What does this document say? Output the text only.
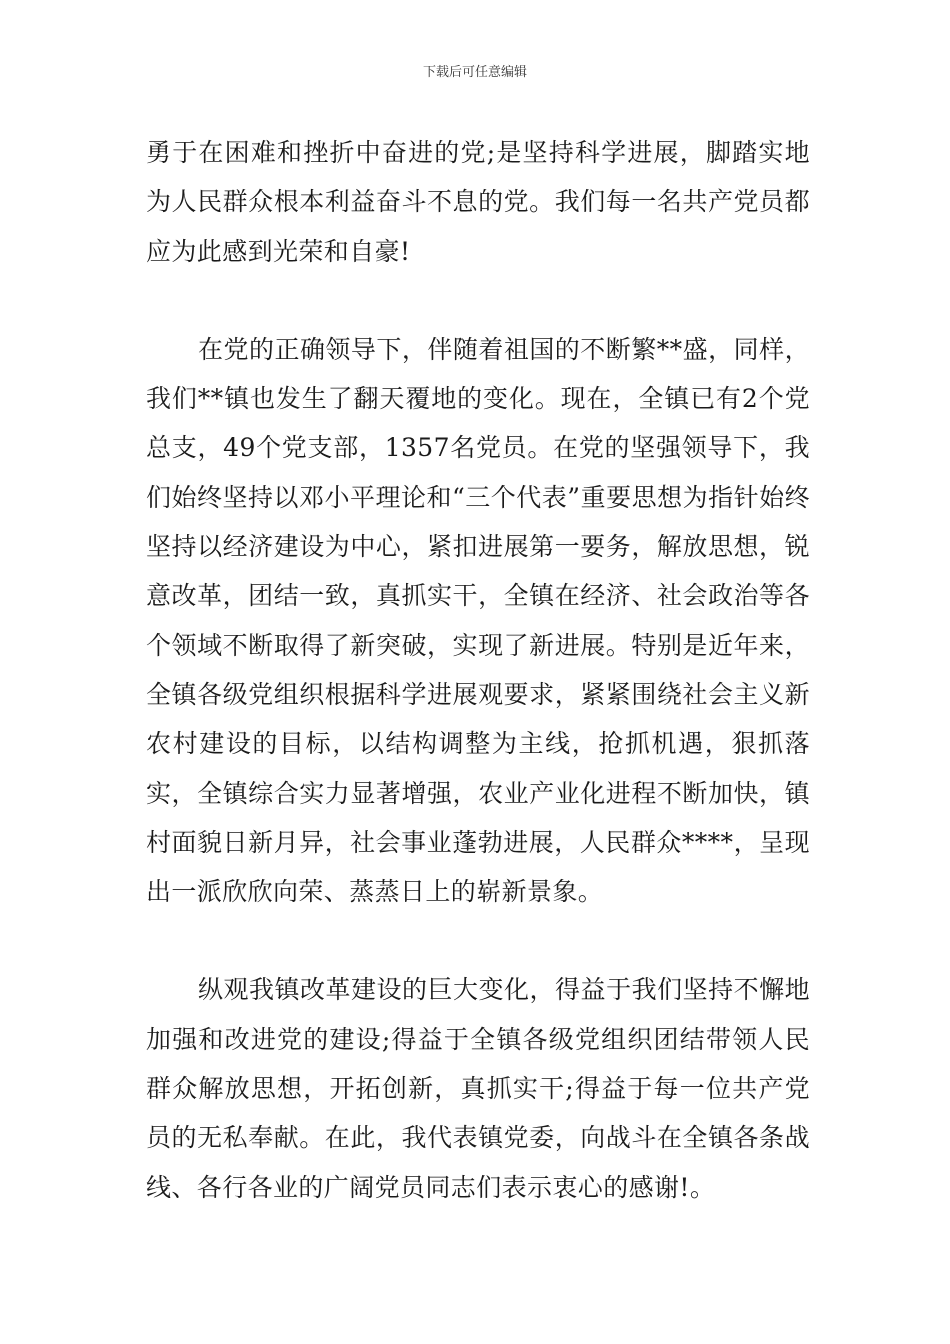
下载后可任意编辑

勇于在困难和挫折中奋进的党;是坚持科学进展，脚踏实地为人民群众根本利益奋斗不息的党。我们每一名共产党员都应为此感到光荣和自豪!

在党的正确领导下，伴随着祖国的不断繁**盛，同样，我们**镇也发生了翻天覆地的变化。现在，全镇已有2个党总支，49个党支部，1357名党员。在党的坚强领导下，我们始终坚持以邓小平理论和“三个代表”重要思想为指针始终坚持以经济建设为中心，紧扣进展第一要务，解放思想，锐意改革，团结一致，真抓实干，全镇在经济、社会政治等各个领域不断取得了新突破，实现了新进展。特别是近年来，全镇各级党组织根据科学进展观要求，紧紧围绕社会主义新农村建设的目标，以结构调整为主线，抢抓机遇，狠抓落实，全镇综合实力显著增强，农业产业化进程不断加快，镇村面貌日新月异，社会事业蓬勃进展，人民群众****，呈现出一派欣欣向荣、蒸蒸日上的崭新景象。

纵观我镇改革建设的巨大变化，得益于我们坚持不懈地加强和改进党的建设;得益于全镇各级党组织团结带领人民群众解放思想，开拓创新，真抓实干;得益于每一位共产党员的无私奉献。在此，我代表镇党委，向战斗在全镇各条战线、各行各业的广阔党员同志们表示衷心的感谢!。
